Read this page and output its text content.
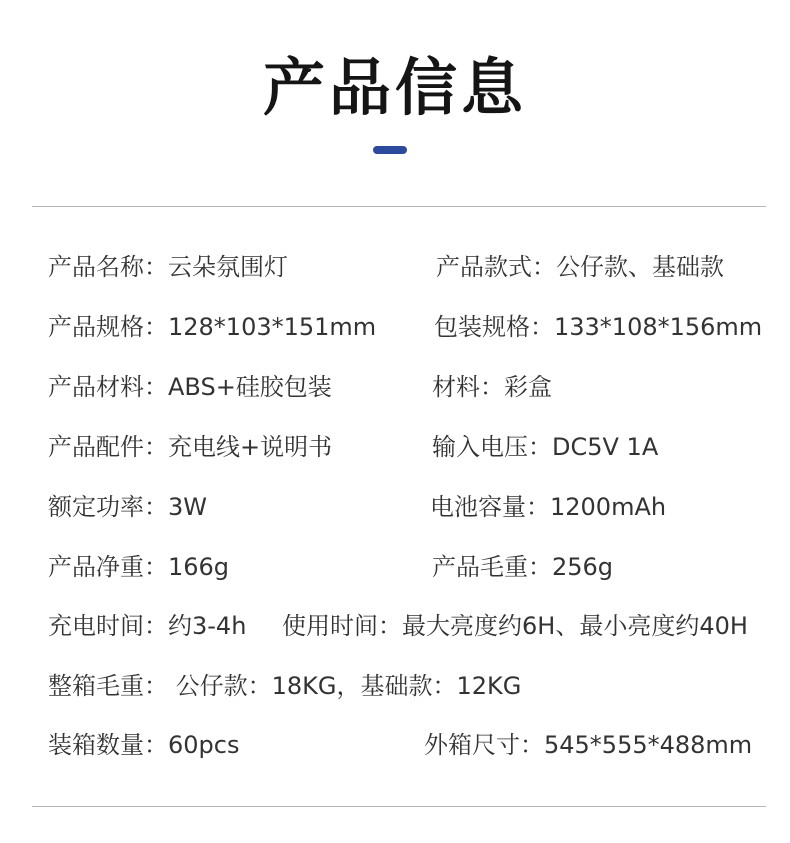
产品信息
产品名称：云朵氛围灯	产品款式：公仔款、基础款
产品规格：128*103*151mm 包装规格：133*108*156mm
产品材料：ABS+硅胶包装	材料：彩盒
产品配件：充电线+说明书	输入电压：DC5V 1A
额定功率：3W	电池容量：1200mAh
产品净重：166g	产品毛重：256g
充电时间：约3-4h 使用时间：最大亮度约6H、最小亮度约40H
整箱毛重： 公仔款：18KG，基础款：12KG
装箱数量：60pcs	外箱尺寸：545*555*488mm
